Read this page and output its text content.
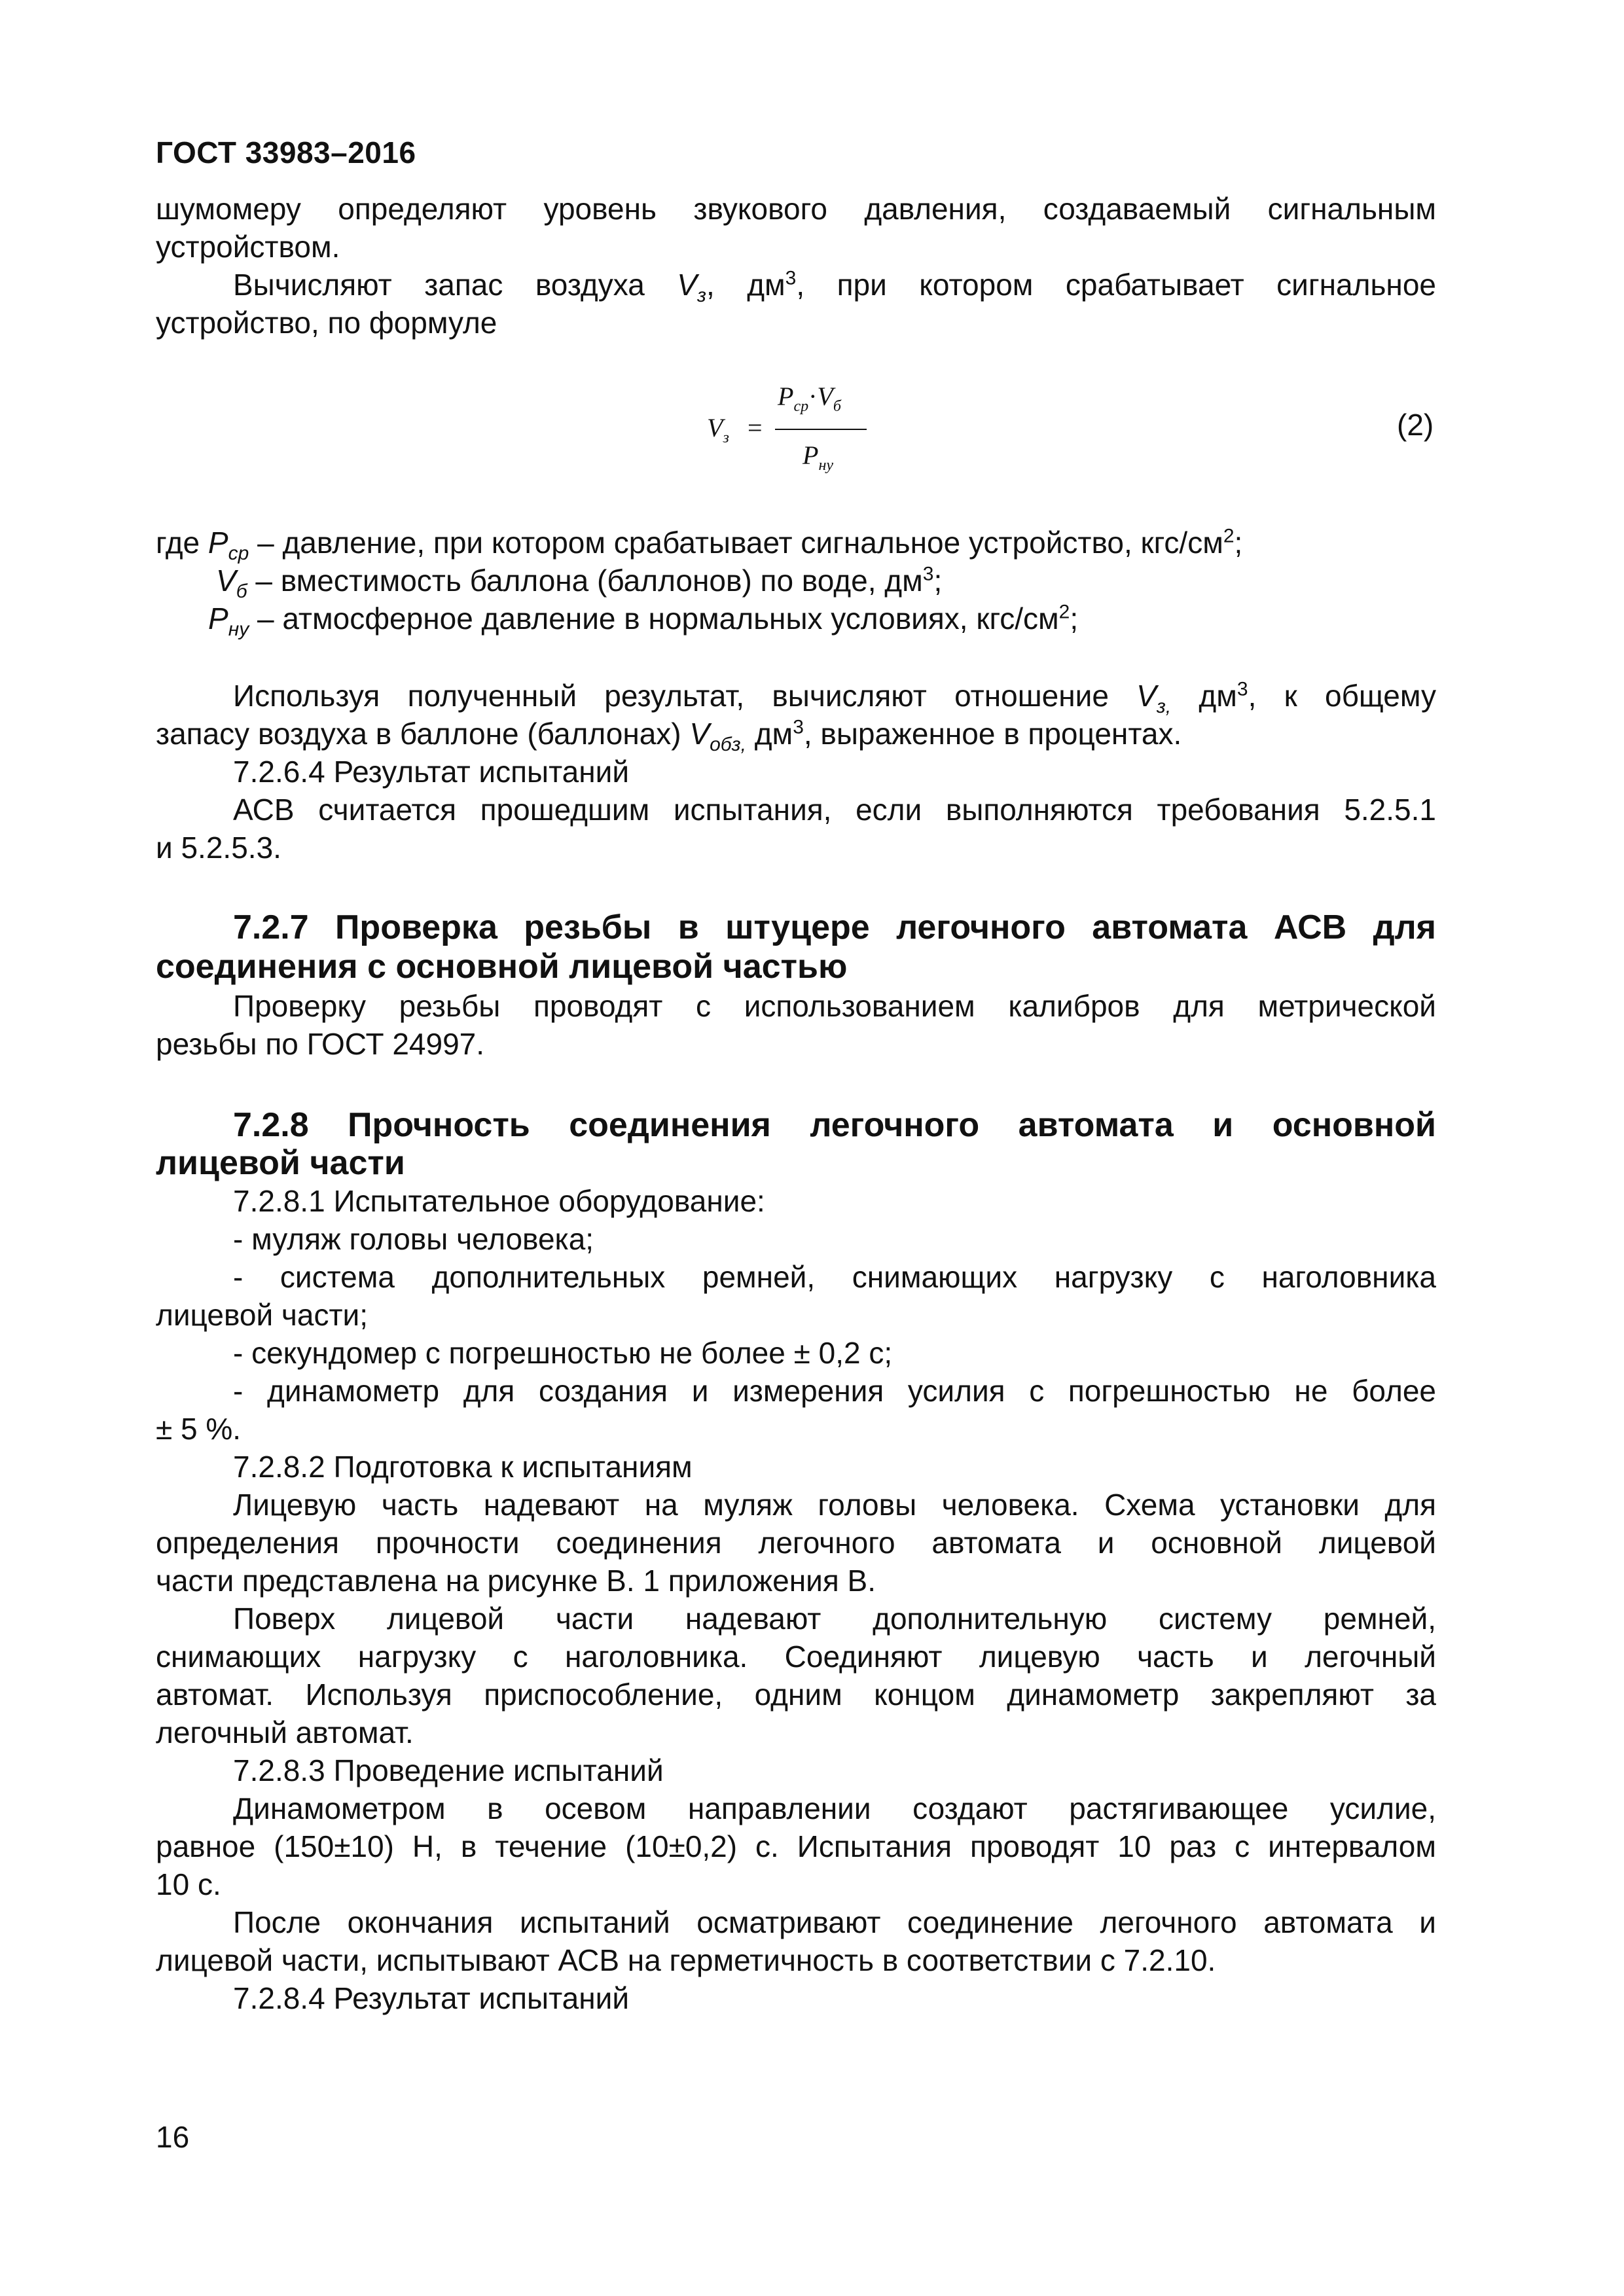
ГОСТ 33983–2016
шумомеру определяют уровень звукового давления, создаваемый сигнальным
устройством.
Вычисляют запас воздуха $V_з$, $дм^3$, при котором срабатывает сигнальное
устройство, по формуле
$V_з$ =
$P_{ср}\cdot V_б$
$P_{ну}$
(2)
где $P_{ср}$ – давление, при котором срабатывает сигнальное устройство, кгс/$см^2$;
$V_б$ – вместимость баллона (баллонов) по воде, $дм^3$;
$P_{ну}$ – атмосферное давление в нормальных условиях, кгс/$см^2$;
Используя полученный результат, вычисляют отношение $V_{з,}$ $дм^3$, к общему
запасу воздуха в баллоне (баллонах) $V_{обз,}$ $дм^3$, выраженное в процентах.
7.2.6.4 Результат испытаний
АСВ считается прошедшим испытания, если выполняются требования 5.2.5.1
и 5.2.5.3.
7.2.7 Проверка резьбы в штуцере легочного автомата АСВ для
соединения с основной лицевой частью
Проверку резьбы проводят с использованием калибров для метрической
резьбы по ГОСТ 24997.
7.2.8 Прочность соединения легочного автомата и основной
лицевой части
7.2.8.1 Испытательное оборудование:
- муляж головы человека;
- система дополнительных ремней, снимающих нагрузку с наголовника
лицевой части;
- секундомер с погрешностью не более ± 0,2 с;
- динамометр для создания и измерения усилия с погрешностью не более
± 5 %.
7.2.8.2 Подготовка к испытаниям
Лицевую часть надевают на муляж головы человека. Схема установки для
определения прочности соединения легочного автомата и основной лицевой
части представлена на рисунке В. 1 приложения В.
Поверх лицевой части надевают дополнительную систему ремней,
снимающих нагрузку с наголовника. Соединяют лицевую часть и легочный
автомат. Используя приспособление, одним концом динамометр закрепляют за
легочный автомат.
7.2.8.3 Проведение испытаний
Динамометром в осевом направлении создают растягивающее усилие,
равное (150±10) Н, в течение (10±0,2) с. Испытания проводят 10 раз с интервалом
10 с.
После окончания испытаний осматривают соединение легочного автомата и
лицевой части, испытывают АСВ на герметичность в соответствии с 7.2.10.
7.2.8.4 Результат испытаний
16
